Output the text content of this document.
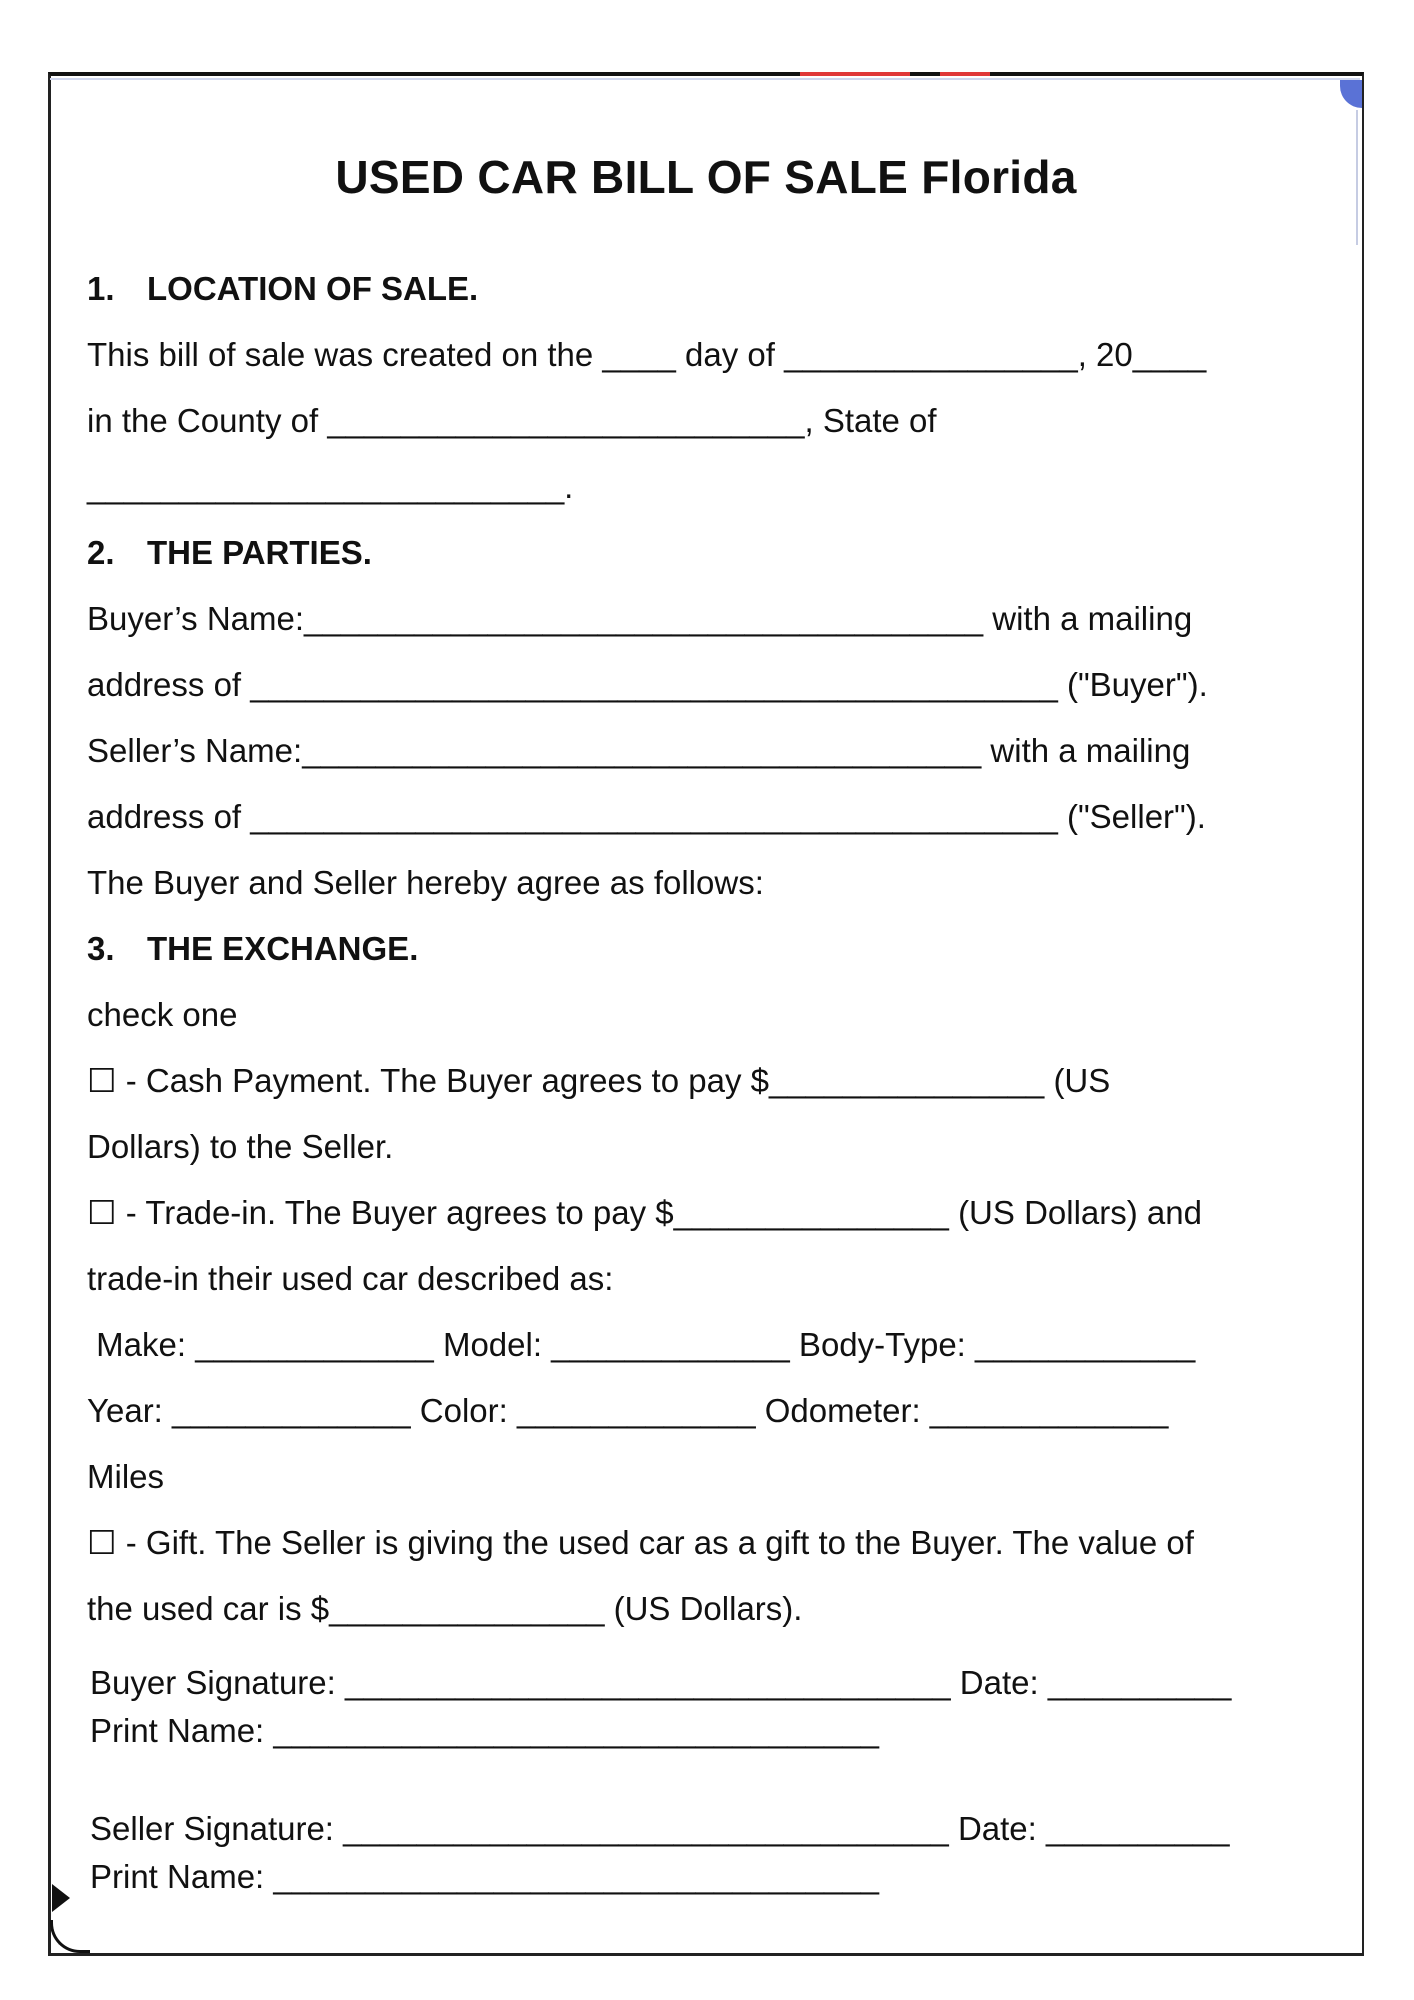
USED CAR BILL OF SALE Florida
1. LOCATION OF SALE.
This bill of sale was created on the ____ day of ________________, 20____
in the County of __________________________, State of
__________________________.
2. THE PARTIES.
Buyer’s Name:_____________________________________ with a mailing
address of ____________________________________________ ("Buyer").
Seller’s Name:_____________________________________ with a mailing
address of ____________________________________________ ("Seller").
The Buyer and Seller hereby agree as follows:
3. THE EXCHANGE.
check one
☐ - Cash Payment. The Buyer agrees to pay $_______________ (US
Dollars) to the Seller.
☐ - Trade-in. The Buyer agrees to pay $_______________ (US Dollars) and
trade-in their used car described as:
Make: _____________ Model: _____________ Body-Type: ____________
Year: _____________ Color: _____________ Odometer: _____________
Miles
☐ - Gift. The Seller is giving the used car as a gift to the Buyer. The value of
the used car is $_______________ (US Dollars).
Buyer Signature: _________________________________ Date: __________
Print Name: _________________________________
Seller Signature: _________________________________ Date: __________
Print Name: _________________________________
